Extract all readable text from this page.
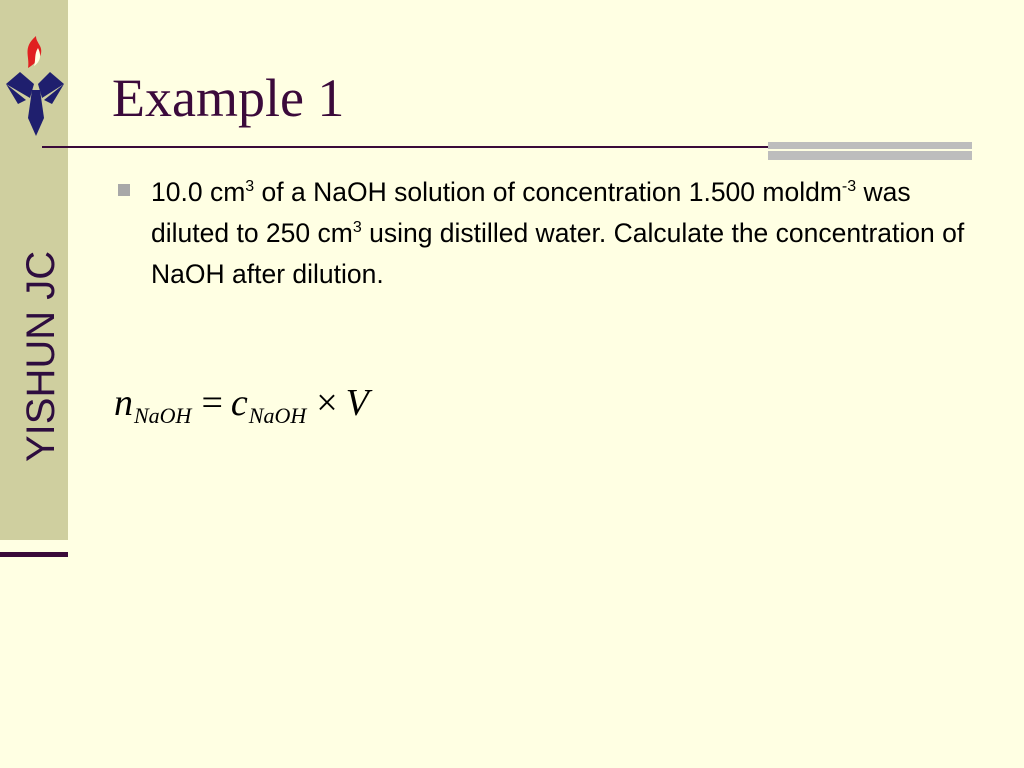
YISHUN JC
Example 1

10.0 $cm^3$ of a NaOH solution of concentration 1.500 moldm$^{-3}$ was diluted to 250 $cm^3$ using distilled water. Calculate the concentration of NaOH after dilution.

$n_{NaOH} = c_{NaOH} \times V$
